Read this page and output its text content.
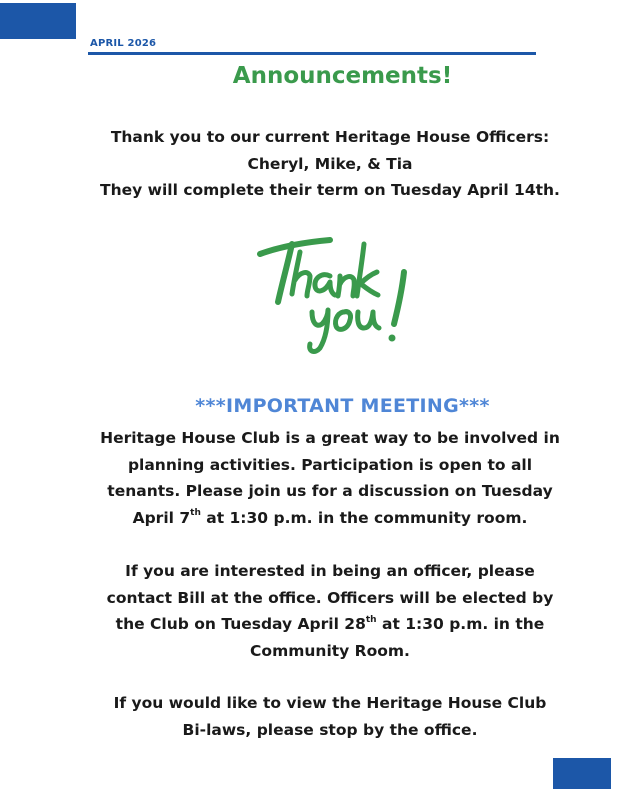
APRIL 2026
Announcements!
Thank you to our current Heritage House Officers:
Cheryl, Mike, & Tia
They will complete their term on Tuesday April 14th.
***IMPORTANT MEETING***
Heritage House Club is a great way to be involved in
planning activities. Participation is open to all
tenants. Please join us for a discussion on Tuesday
April 7th at 1:30 p.m. in the community room.
If you are interested in being an officer, please
contact Bill at the office. Officers will be elected by
the Club on Tuesday April 28th at 1:30 p.m. in the
Community Room.
If you would like to view the Heritage House Club
Bi-laws, please stop by the office.
